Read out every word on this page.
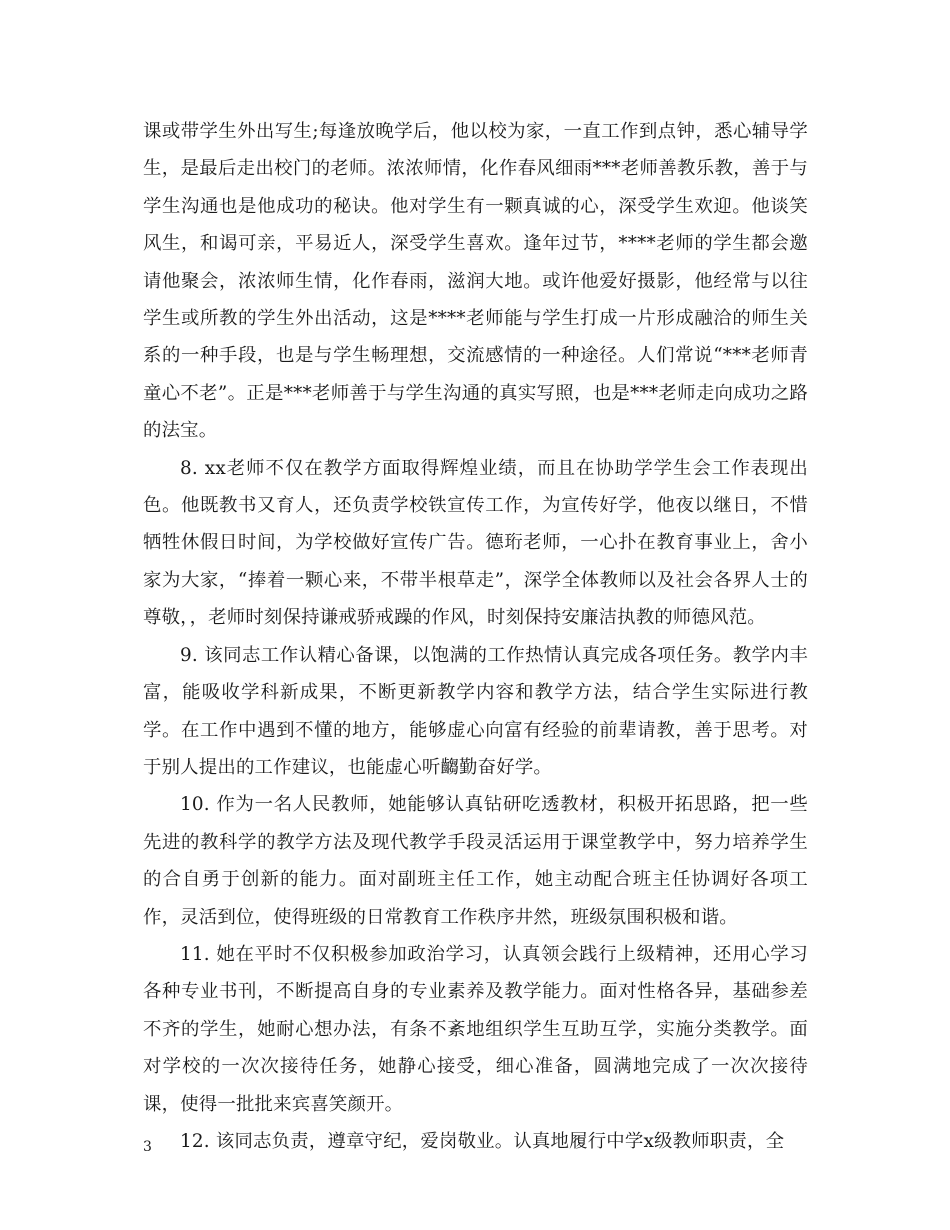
课或带学生外出写生;每逢放晚学后，他以校为家，一直工作到点钟，悉心辅导学生，是最后走出校门的老师。浓浓师情，化作春风细雨***老师善教乐教，善于与学生沟通也是他成功的秘诀。他对学生有一颗真诚的心，深受学生欢迎。他谈笑风生，和谒可亲，平易近人，深受学生喜欢。逢年过节，****老师的学生都会邀请他聚会，浓浓师生情，化作春雨，滋润大地。或许他爱好摄影，他经常与以往学生或所教的学生外出活动，这是****老师能与学生打成一片形成融洽的师生关系的一种手段，也是与学生畅理想，交流感情的一种途径。人们常说“***老师青童心不老”。正是***老师善于与学生沟通的真实写照，也是***老师走向成功之路的法宝。

8. xx老师不仅在教学方面取得辉煌业绩，而且在协助学学生会工作表现出色。他既教书又育人，还负责学校铁宣传工作，为宣传好学，他夜以继日，不惜牺牲休假日时间，为学校做好宣传广告。德珩老师，一心扑在教育事业上，舍小家为大家，“捧着一颗心来，不带半根草走”，深学全体教师以及社会各界人士的尊敬，，老师时刻保持谦戒骄戒躁的作风，时刻保持安廉洁执教的师德风范。

9. 该同志工作认精心备课，以饱满的工作热情认真完成各项任务。教学内丰富，能吸收学科新成果，不断更新教学内容和教学方法，结合学生实际进行教学。在工作中遇到不懂的地方，能够虚心向富有经验的前辈请教，善于思考。对于别人提出的工作建议，也能虚心听齺勤奋好学。

10. 作为一名人民教师，她能够认真钻研吃透教材，积极开拓思路，把一些先进的教科学的教学方法及现代教学手段灵活运用于课堂教学中，努力培养学生的合自勇于创新的能力。面对副班主任工作，她主动配合班主任协调好各项工作，灵活到位，使得班级的日常教育工作秩序井然，班级氛围积极和谐。

11. 她在平时不仅积极参加政治学习，认真领会践行上级精神，还用心学习各种专业书刊，不断提高自身的专业素养及教学能力。面对性格各异，基础参差不齐的学生，她耐心想办法，有条不紊地组织学生互助互学，实施分类教学。面对学校的一次次接待任务，她静心接受，细心准备，圆满地完成了一次次接待课，使得一批批来宾喜笑颜开。

12. 该同志负责，遵章守纪，爱岗敬业。认真地履行中学x级教师职责，全

3
